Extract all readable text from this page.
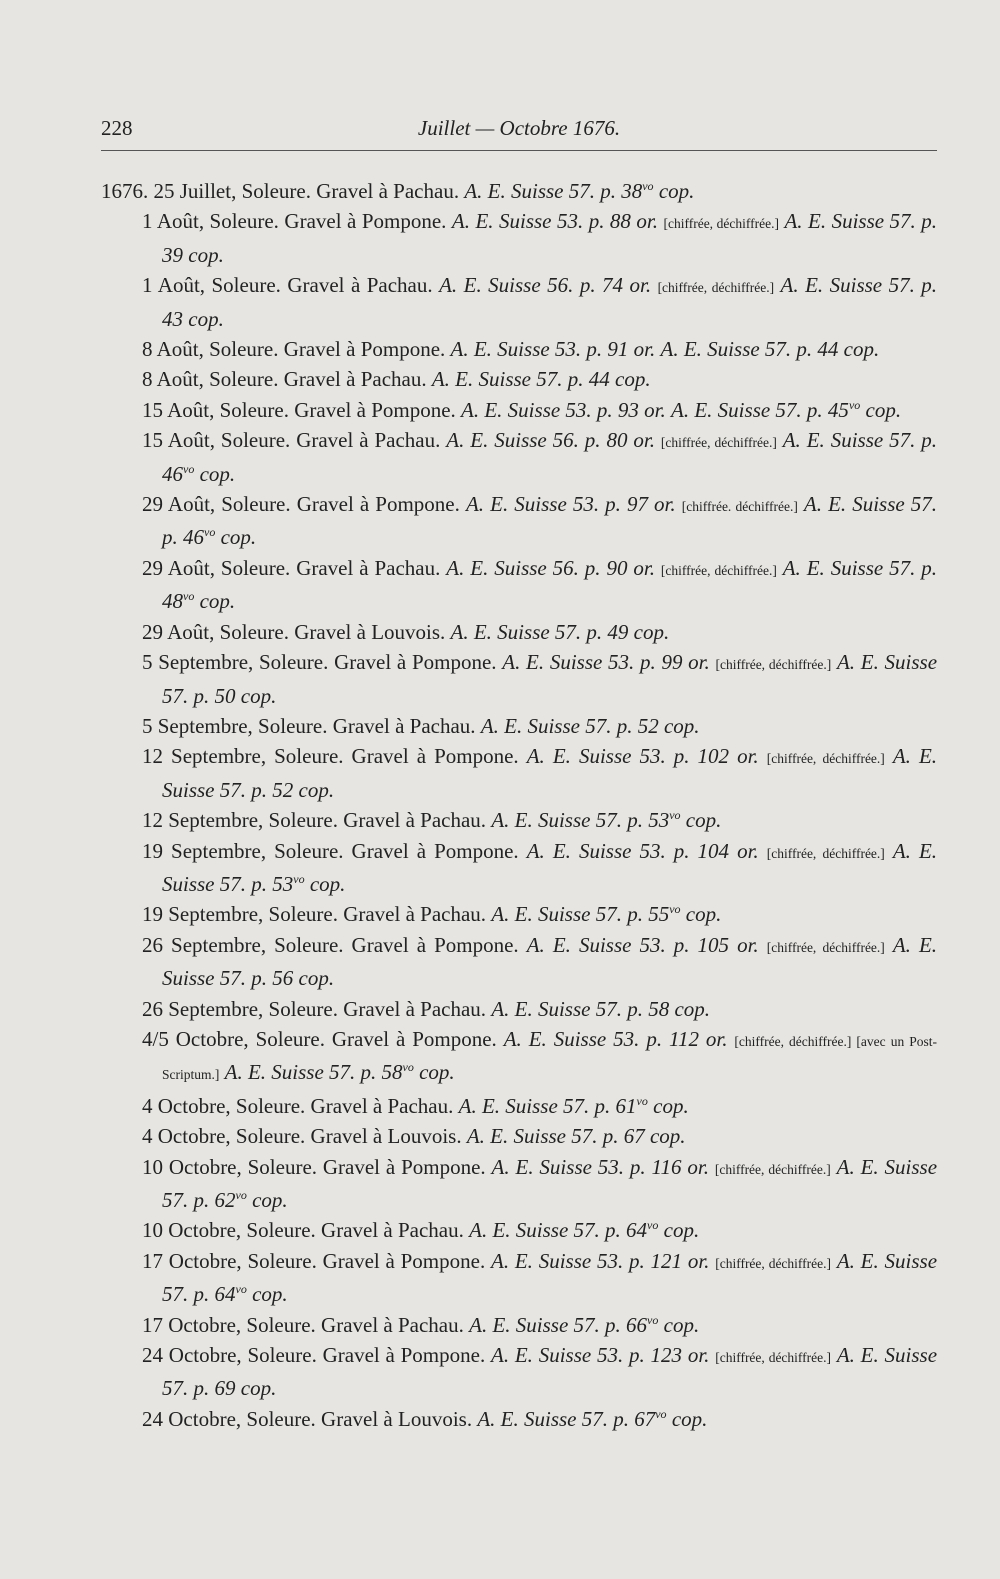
228	Juillet — Octobre 1676.
1676. 25 Juillet, Soleure. Gravel à Pachau. A. E. Suisse 57. p. $38^{vo}$ cop.
1 Août, Soleure. Gravel à Pompone. A. E. Suisse 53. p. 88 or. [chiffrée, déchiffrée.] A. E. Suisse 57. p. 39 cop.
1 Août, Soleure. Gravel à Pachau. A. E. Suisse 56. p. 74 or. [chiffrée, déchiffrée.] A. E. Suisse 57. p. 43 cop.
8 Août, Soleure. Gravel à Pompone. A. E. Suisse 53. p. 91 or. A. E. Suisse 57. p. 44 cop.
8 Août, Soleure. Gravel à Pachau. A. E. Suisse 57. p. 44 cop.
15 Août, Soleure. Gravel à Pompone. A. E. Suisse 53. p. 93 or. A. E. Suisse 57. p. $45^{vo}$ cop.
15 Août, Soleure. Gravel à Pachau. A. E. Suisse 56. p. 80 or. [chiffrée, déchiffrée.] A. E. Suisse 57. p. $46^{vo}$ cop.
29 Août, Soleure. Gravel à Pompone. A. E. Suisse 53. p. 97 or. [chiffrée. déchiffrée.] A. E. Suisse 57. p. $46^{vo}$ cop.
29 Août, Soleure. Gravel à Pachau. A. E. Suisse 56. p. 90 or. [chiffrée, déchiffrée.] A. E. Suisse 57. p. $48^{vo}$ cop.
29 Août, Soleure. Gravel à Louvois. A. E. Suisse 57. p. 49 cop.
5 Septembre, Soleure. Gravel à Pompone. A. E. Suisse 53. p. 99 or. [chiffrée, déchiffrée.] A. E. Suisse 57. p. 50 cop.
5 Septembre, Soleure. Gravel à Pachau. A. E. Suisse 57. p. 52 cop.
12 Septembre, Soleure. Gravel à Pompone. A. E. Suisse 53. p. 102 or. [chiffrée, déchiffrée.] A. E. Suisse 57. p. 52 cop.
12 Septembre, Soleure. Gravel à Pachau. A. E. Suisse 57. p. $53^{vo}$ cop.
19 Septembre, Soleure. Gravel à Pompone. A. E. Suisse 53. p. 104 or. [chiffrée, déchiffrée.] A. E. Suisse 57. p. $53^{vo}$ cop.
19 Septembre, Soleure. Gravel à Pachau. A. E. Suisse 57. p. $55^{vo}$ cop.
26 Septembre, Soleure. Gravel à Pompone. A. E. Suisse 53. p. 105 or. [chiffrée, déchiffrée.] A. E. Suisse 57. p. 56 cop.
26 Septembre, Soleure. Gravel à Pachau. A. E. Suisse 57. p. 58 cop.
4/5 Octobre, Soleure. Gravel à Pompone. A. E. Suisse 53. p. 112 or. [chiffrée, déchiffrée.] [avec un Post-Scriptum.] A. E. Suisse 57. p. $58^{vo}$ cop.
4 Octobre, Soleure. Gravel à Pachau. A. E. Suisse 57. p. $61^{vo}$ cop.
4 Octobre, Soleure. Gravel à Louvois. A. E. Suisse 57. p. 67 cop.
10 Octobre, Soleure. Gravel à Pompone. A. E. Suisse 53. p. 116 or. [chiffrée, déchiffrée.] A. E. Suisse 57. p. $62^{vo}$ cop.
10 Octobre, Soleure. Gravel à Pachau. A. E. Suisse 57. p. $64^{vo}$ cop.
17 Octobre, Soleure. Gravel à Pompone. A. E. Suisse 53. p. 121 or. [chiffrée, déchiffrée.] A. E. Suisse 57. p. $64^{vo}$ cop.
17 Octobre, Soleure. Gravel à Pachau. A. E. Suisse 57. p. $66^{vo}$ cop.
24 Octobre, Soleure. Gravel à Pompone. A. E. Suisse 53. p. 123 or. [chiffrée, déchiffrée.] A. E. Suisse 57. p. 69 cop.
24 Octobre, Soleure. Gravel à Louvois. A. E. Suisse 57. p. $67^{vo}$ cop.
